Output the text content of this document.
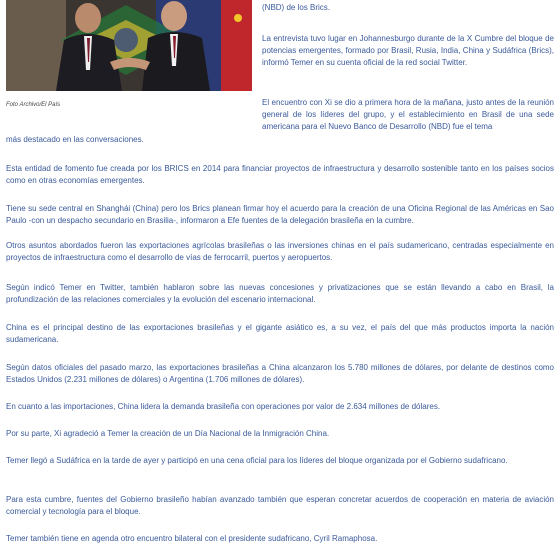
Foto Archivo/El País
(NBD) de los Brics.

La entrevista tuvo lugar en Johannesburgo durante de la X Cumbre del bloque de potencias emergentes, formado por Brasil, Rusia, India, China y Sudáfrica (Brics), informó Temer en su cuenta oficial de la red social Twitter.

El encuentro con Xi se dio a primera hora de la mañana, justo antes de la reunión general de los líderes del grupo, y el establecimiento en Brasil de una sede americana para el Nuevo Banco de Desarrollo (NBD) fue el tema

más destacado en las conversaciones.

Esta entidad de fomento fue creada por los BRICS en 2014 para financiar proyectos de infraestructura y desarrollo sostenible tanto en los países socios como en otras economías emergentes.

Tiene su sede central en Shanghái (China) pero los Brics planean firmar hoy el acuerdo para la creación de una Oficina Regional de las Américas en Sao Paulo -con un despacho secundario en Brasilia-, informaron a Efe fuentes de la delegación brasileña en la cumbre.

Otros asuntos abordados fueron las exportaciones agrícolas brasileñas o las inversiones chinas en el país sudamericano, centradas especialmente en proyectos de infraestructura como el desarrollo de vías de ferrocarril, puertos y aeropuertos.

Según indicó Temer en Twitter, también hablaron sobre las nuevas concesiones y privatizaciones que se están llevando a cabo en Brasil, la profundización de las relaciones comerciales y la evolución del escenario internacional.

China es el principal destino de las exportaciones brasileñas y el gigante asiático es, a su vez, el país del que más productos importa la nación sudamericana.

Según datos oficiales del pasado marzo, las exportaciones brasileñas a China alcanzaron los 5.780 millones de dólares, por delante de destinos como Estados Unidos (2.231 millones de dólares) o Argentina (1.706 millones de dólares).

En cuanto a las importaciones, China lidera la demanda brasileña con operaciones por valor de 2.634 millones de dólares.

Por su parte, Xi agradeció a Temer la creación de un Día Nacional de la Inmigración China.

Temer llegó a Sudáfrica en la tarde de ayer y participó en una cena oficial para los líderes del bloque organizada por el Gobierno sudafricano.

Para esta cumbre, fuentes del Gobierno brasileño habían avanzado también que esperan concretar acuerdos de cooperación en materia de aviación comercial y tecnología para el bloque.

Temer también tiene en agenda otro encuentro bilateral con el presidente sudafricano, Cyril Ramaphosa.
